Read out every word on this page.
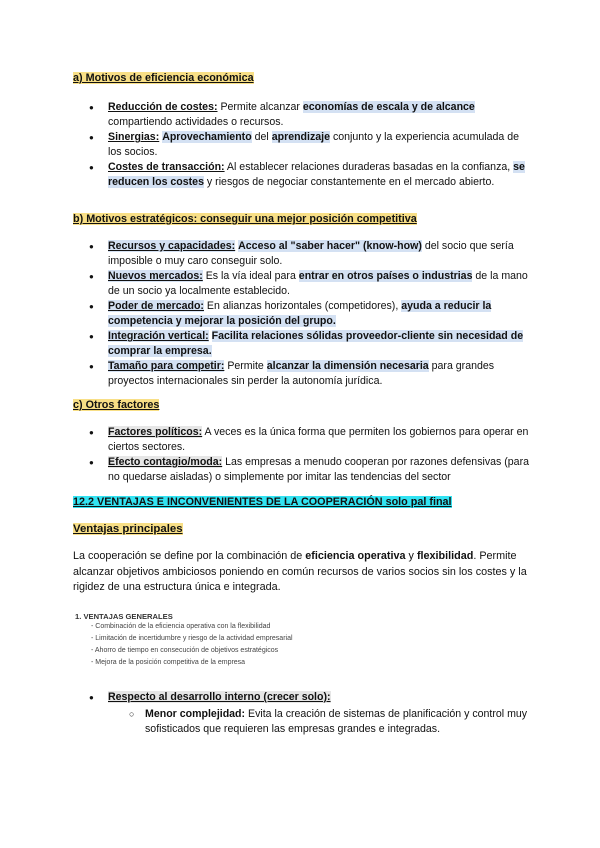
a) Motivos de eficiencia económica
● Reducción de costes: Permite alcanzar economías de escala y de alcance compartiendo actividades o recursos.
● Sinergias: Aprovechamiento del aprendizaje conjunto y la experiencia acumulada de los socios.
● Costes de transacción: Al establecer relaciones duraderas basadas en la confianza, se reducen los costes y riesgos de negociar constantemente en el mercado abierto.
b) Motivos estratégicos: conseguir una mejor posición competitiva
● Recursos y capacidades: Acceso al "saber hacer" (know-how) del socio que sería imposible o muy caro conseguir solo.
● Nuevos mercados: Es la vía ideal para entrar en otros países o industrias de la mano de un socio ya localmente establecido.
● Poder de mercado: En alianzas horizontales (competidores), ayuda a reducir la competencia y mejorar la posición del grupo.
● Integración vertical: Facilita relaciones sólidas proveedor-cliente sin necesidad de comprar la empresa.
● Tamaño para competir: Permite alcanzar la dimensión necesaria para grandes proyectos internacionales sin perder la autonomía jurídica.
c) Otros factores
● Factores políticos: A veces es la única forma que permiten los gobiernos para operar en ciertos sectores.
● Efecto contagio/moda: Las empresas a menudo cooperan por razones defensivas (para no quedarse aisladas) o simplemente por imitar las tendencias del sector
12.2 VENTAJAS E INCONVENIENTES DE LA COOPERACIÓN solo pal final
Ventajas principales
La cooperación se define por la combinación de eficiencia operativa y flexibilidad. Permite alcanzar objetivos ambiciosos poniendo en común recursos de varios socios sin los costes y la rigidez de una estructura única e integrada.
1. VENTAJAS GENERALES
- Combinación de la eficiencia operativa con la flexibilidad
- Limitación de incertidumbre y riesgo de la actividad empresarial
- Ahorro de tiempo en consecución de objetivos estratégicos
- Mejora de la posición competitiva de la empresa
● Respecto al desarrollo interno (crecer solo):
○ Menor complejidad: Evita la creación de sistemas de planificación y control muy sofisticados que requieren las empresas grandes e integradas.
